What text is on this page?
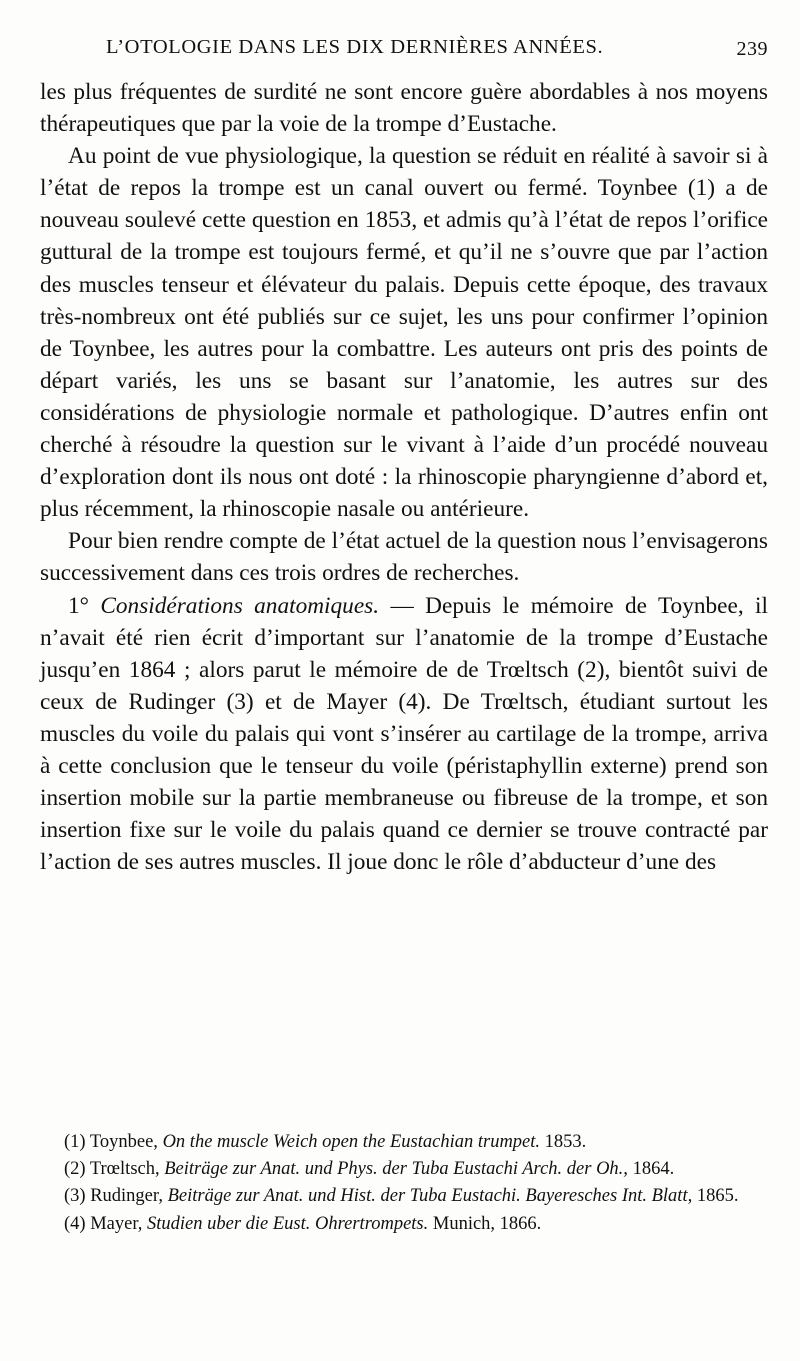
L’OTOLOGIE DANS LES DIX DERNIÈRES ANNÉES.	239

les plus fréquentes de surdité ne sont encore guère abordables à nos moyens thérapeutiques que par la voie de la trompe d’Eustache.

Au point de vue physiologique, la question se réduit en réalité à savoir si à l’état de repos la trompe est un canal ouvert ou fermé. Toynbee (1) a de nouveau soulevé cette question en 1853, et admis qu’à l’état de repos l’orifice guttural de la trompe est toujours fermé, et qu’il ne s’ouvre que par l’action des muscles tenseur et élévateur du palais. Depuis cette époque, des travaux très-nombreux ont été publiés sur ce sujet, les uns pour confirmer l’opinion de Toynbee, les autres pour la combattre. Les auteurs ont pris des points de départ variés, les uns se basant sur l’anatomie, les autres sur des considérations de physiologie normale et pathologique. D’autres enfin ont cherché à résoudre la question sur le vivant à l’aide d’un procédé nouveau d’exploration dont ils nous ont doté : la rhinoscopie pharyngienne d’abord et, plus récemment, la rhinoscopie nasale ou antérieure.

Pour bien rendre compte de l’état actuel de la question nous l’envisagerons successivement dans ces trois ordres de recherches.

1° Considérations anatomiques. — Depuis le mémoire de Toynbee, il n’avait été rien écrit d’important sur l’anatomie de la trompe d’Eustache jusqu’en 1864 ; alors parut le mémoire de de Trœltsch (2), bientôt suivi de ceux de Rudinger (3) et de Mayer (4). De Trœltsch, étudiant surtout les muscles du voile du palais qui vont s’insérer au cartilage de la trompe, arriva à cette conclusion que le tenseur du voile (péristaphyllin externe) prend son insertion mobile sur la partie membraneuse ou fibreuse de la trompe, et son insertion fixe sur le voile du palais quand ce dernier se trouve contracté par l’action de ses autres muscles. Il joue donc le rôle d’abducteur d’une des

(1) Toynbee, On the muscle Weich open the Eustachian trumpet. 1853.

(2) Trœltsch, Beiträge zur Anat. und Phys. der Tuba Eustachi Arch. der Oh., 1864.

(3) Rudinger, Beiträge zur Anat. und Hist. der Tuba Eustachi. Bayeresches Int. Blatt, 1865.

(4) Mayer, Studien uber die Eust. Ohrertrompets. Munich, 1866.
